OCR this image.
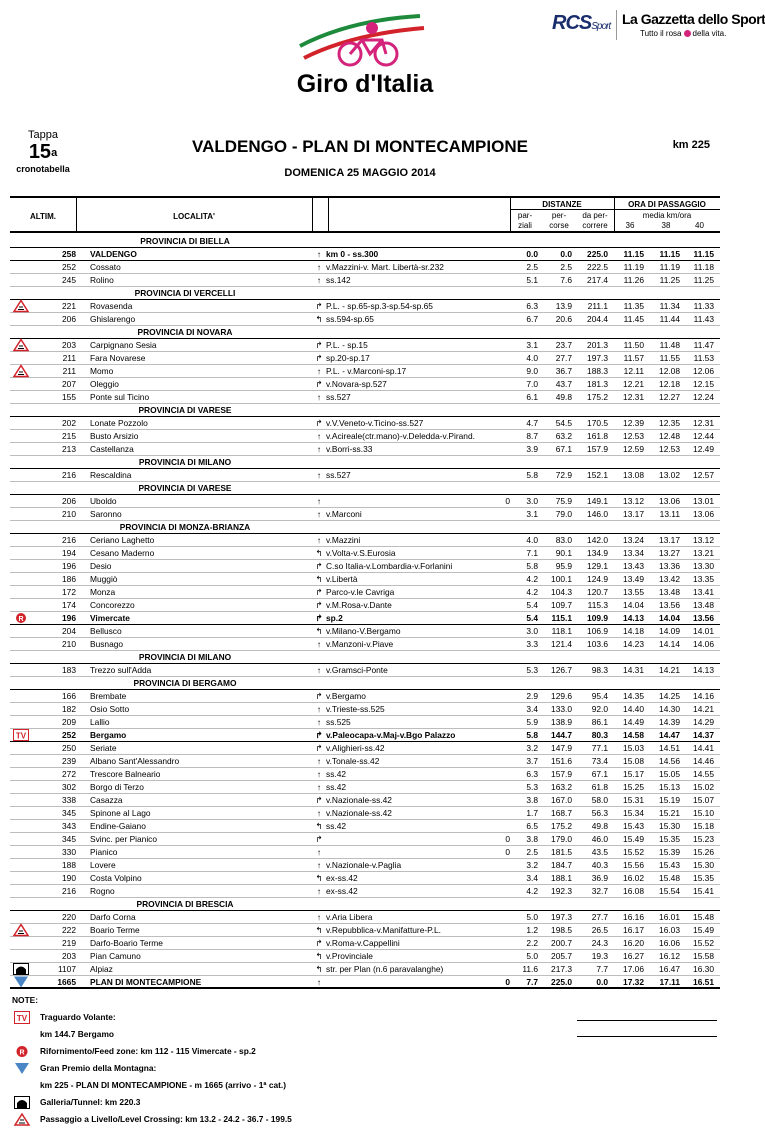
Giro d'Italia
RCSSport La Gazzetta dello Sport
Tutto il rosa della vita.
Tappa
15$^a$
cronotabella
VALDENGO - PLAN DI MONTECAMPIONE
DOMENICA 25 MAGGIO 2014
km 225
ALTIM.	LOCALITA'
DISTANZE
par- ziali
per- corse
da per- correre
ORA DI PASSAGGIO
media km/ora
36	38	40
PROVINCIA DI BIELLA
258 VALDENGO	↑ km 0 - ss.300	0.0	0.0	225.0	11.15	11.15	11.15
252 Cossato	↑ v.Mazzini-v. Mart. Libertà-sr.232	2.5	2.5	222.5	11.19	11.19	11.18
245 Rolino	↑ ss.142	5.1	7.6	217.4	11.26	11.25	11.25
PROVINCIA DI VERCELLI
221 Rovasenda	↱ P.L. - sp.65-sp.3-sp.54-sp.65	6.3	13.9	211.1	11.35	11.34	11.33
206 Ghislarengo	↰ ss.594-sp.65	6.7	20.6	204.4	11.45	11.44	11.43
PROVINCIA DI NOVARA
203 Carpignano Sesia	↱ P.L. - sp.15	3.1	23.7	201.3	11.50	11.48	11.47
211 Fara Novarese	↱ sp.20-sp.17	4.0	27.7	197.3	11.57	11.55	11.53
211 Momo	↑ P.L. - v.Marconi-sp.17	9.0	36.7	188.3	12.11	12.08	12.06
207 Oleggio	↱ v.Novara-sp.527	7.0	43.7	181.3	12.21	12.18	12.15
155 Ponte sul Ticino	↑ ss.527	6.1	49.8	175.2	12.31	12.27	12.24
PROVINCIA DI VARESE
202 Lonate Pozzolo	↱ v.V.Veneto-v.Ticino-ss.527	4.7	54.5	170.5	12.39	12.35	12.31
215 Busto Arsizio	↑ v.Acireale(ctr.mano)-v.Deledda-v.Pirand.	8.7	63.2	161.8	12.53	12.48	12.44
213 Castellanza	↑ v.Borri-ss.33	3.9	67.1	157.9	12.59	12.53	12.49
PROVINCIA DI MILANO
216 Rescaldina	↑ ss.527	5.8	72.9	152.1	13.08	13.02	12.57
PROVINCIA DI VARESE
206 Uboldo	↑	0	3.0	75.9	149.1	13.12	13.06	13.01
210 Saronno	↑ v.Marconi	3.1	79.0	146.0	13.17	13.11	13.06
PROVINCIA DI MONZA-BRIANZA
216 Ceriano Laghetto	↑ v.Mazzini	4.0	83.0	142.0	13.24	13.17	13.12
194 Cesano Maderno	↰ v.Volta-v.S.Eurosia	7.1	90.1	134.9	13.34	13.27	13.21
196 Desio	↱ C.so Italia-v.Lombardia-v.Forlanini	5.8	95.9	129.1	13.43	13.36	13.30
186 Muggiò	↰ v.Libertà	4.2	100.1	124.9	13.49	13.42	13.35
172 Monza	↱ Parco-v.le Cavriga	4.2	104.3	120.7	13.55	13.48	13.41
174 Concorezzo	↱ v.M.Rosa-v.Dante	5.4	109.7	115.3	14.04	13.56	13.48
R	196 Vimercate	↱ sp.2	5.4	115.1	109.9	14.13	14.04	13.56
204 Bellusco	↰ v.Milano-V.Bergamo	3.0	118.1	106.9	14.18	14.09	14.01
210 Busnago	↑ v.Manzoni-v.Piave	3.3	121.4	103.6	14.23	14.14	14.06
PROVINCIA DI MILANO
183 Trezzo sull'Adda	↑ v.Gramsci-Ponte	5.3	126.7	98.3	14.31	14.21	14.13
PROVINCIA DI BERGAMO
166 Brembate	↱ v.Bergamo	2.9	129.6	95.4	14.35	14.25	14.16
182 Osio Sotto	↑ v.Trieste-ss.525	3.4	133.0	92.0	14.40	14.30	14.21
209 Lallio	↑ ss.525	5.9	138.9	86.1	14.49	14.39	14.29
TV	252 Bergamo	↱ v.Paleocapa-v.Maj-v.Bgo Palazzo	5.8	144.7	80.3	14.58	14.47	14.37
250 Seriate	↱ v.Alighieri-ss.42	3.2	147.9	77.1	15.03	14.51	14.41
239 Albano Sant'Alessandro	↑ v.Tonale-ss.42	3.7	151.6	73.4	15.08	14.56	14.46
272 Trescore Balneario	↑ ss.42	6.3	157.9	67.1	15.17	15.05	14.55
302 Borgo di Terzo	↑ ss.42	5.3	163.2	61.8	15.25	15.13	15.02
338 Casazza	↱ v.Nazionale-ss.42	3.8	167.0	58.0	15.31	15.19	15.07
345 Spinone al Lago	↑ v.Nazionale-ss.42	1.7	168.7	56.3	15.34	15.21	15.10
343 Endine-Gaiano	↰ ss.42	6.5	175.2	49.8	15.43	15.30	15.18
345 Svinc. per Pianico	↱	0	3.8	179.0	46.0	15.49	15.35	15.23
330 Pianico	↑	0	2.5	181.5	43.5	15.52	15.39	15.26
188 Lovere	↑ v.Nazionale-v.Paglia	3.2	184.7	40.3	15.56	15.43	15.30
190 Costa Volpino	↰ ex-ss.42	3.4	188.1	36.9	16.02	15.48	15.35
216 Rogno	↑ ex-ss.42	4.2	192.3	32.7	16.08	15.54	15.41
PROVINCIA DI BRESCIA
220 Darfo Corna	↑ v.Aria Libera	5.0	197.3	27.7	16.16	16.01	15.48
222 Boario Terme	↰ v.Repubblica-v.Manifatture-P.L.	1.2	198.5	26.5	16.17	16.03	15.49
219 Darfo-Boario Terme	↱ v.Roma-v.Cappellini	2.2	200.7	24.3	16.20	16.06	15.52
203 Pian Camuno	↰ v.Provinciale	5.0	205.7	19.3	16.27	16.12	15.58
1107 Alpiaz	↰ str. per Plan (n.6 paravalanghe)	11.6	217.3	7.7	17.06	16.47	16.30
1665 PLAN DI MONTECAMPIONE	↑	0	7.7	225.0	0.0	17.32	17.11	16.51
NOTE:
TV Traguardo Volante:
km 144.7 Bergamo
R Rifornimento/Feed zone: km 112 - 115 Vimercate - sp.2
Gran Premio della Montagna:
km 225 - PLAN DI MONTECAMPIONE - m 1665 (arrivo - 1ª cat.)
Galleria/Tunnel: km 220.3
Passaggio a Livello/Level Crossing: km 13.2 - 24.2 - 36.7 - 199.5
